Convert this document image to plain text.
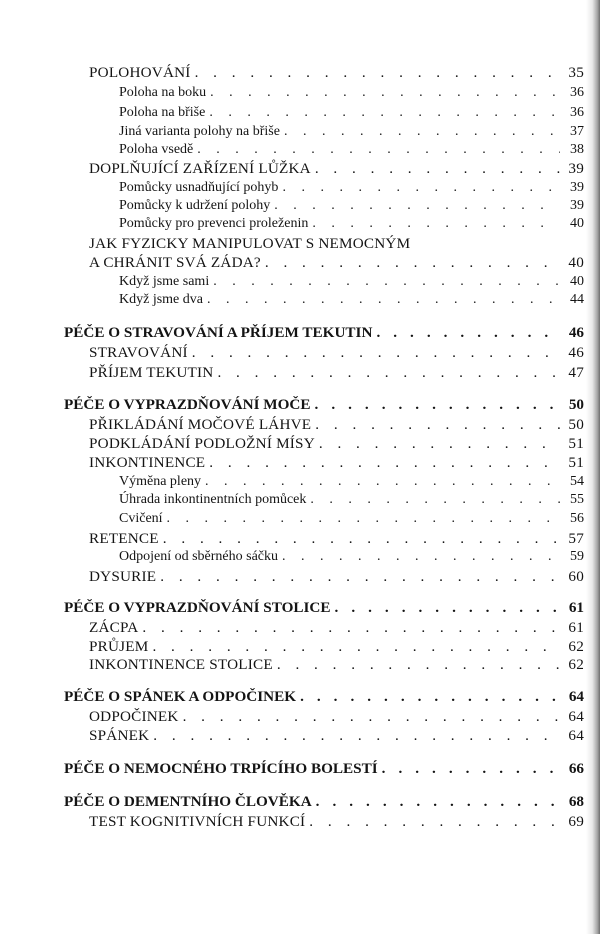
POLOHOVÁNÍ . . .	35
Poloha na boku . . .	36
Poloha na břiše . . .	36
Jiná varianta polohy na břiše . . .	37
Poloha vsedě . . .	38
DOPLŇUJÍCÍ ZAŘÍZENÍ LŮŽKA . . .	39
Pomůcky usnadňující pohyb . . .	39
Pomůcky k udržení polohy . . .	39
Pomůcky pro prevenci proleženin . . .	40
JAK FYZICKY MANIPULOVAT S NEMOCNÝM
A CHRÁNIT SVÁ ZÁDA? . . .	40
Když jsme sami . . .	40
Když jsme dva . . .	44
PÉČE O STRAVOVÁNÍ A PŘÍJEM TEKUTIN . . .	46
STRAVOVÁNÍ . . .	46
PŘÍJEM TEKUTIN . . .	47
PÉČE O VYPRAZDŇOVÁNÍ MOČE . . .	50
PŘIKLÁDÁNÍ MOČOVÉ LÁHVE . . .	50
PODKLÁDÁNÍ PODLOŽNÍ MÍSY . . .	51
INKONTINENCE . . .	51
Výměna pleny . . .	54
Úhrada inkontinentních pomůcek . . .	55
Cvičení . . .	56
RETENCE . . .	57
Odpojení od sběrného sáčku . . .	59
DYSURIE . . .	60
PÉČE O VYPRAZDŇOVÁNÍ STOLICE . . .	61
ZÁCPA . . .	61
PRŮJEM . . .	62
INKONTINENCE STOLICE . . .	62
PÉČE O SPÁNEK A ODPOČINEK . . .	64
ODPOČINEK . . .	64
SPÁNEK . . .	64
PÉČE O NEMOCNÉHO TRPÍCÍHO BOLESTÍ . . .	66
PÉČE O DEMENTNÍHO ČLOVĚKA . . .	68
TEST KOGNITIVNÍCH FUNKCÍ . . .	69
